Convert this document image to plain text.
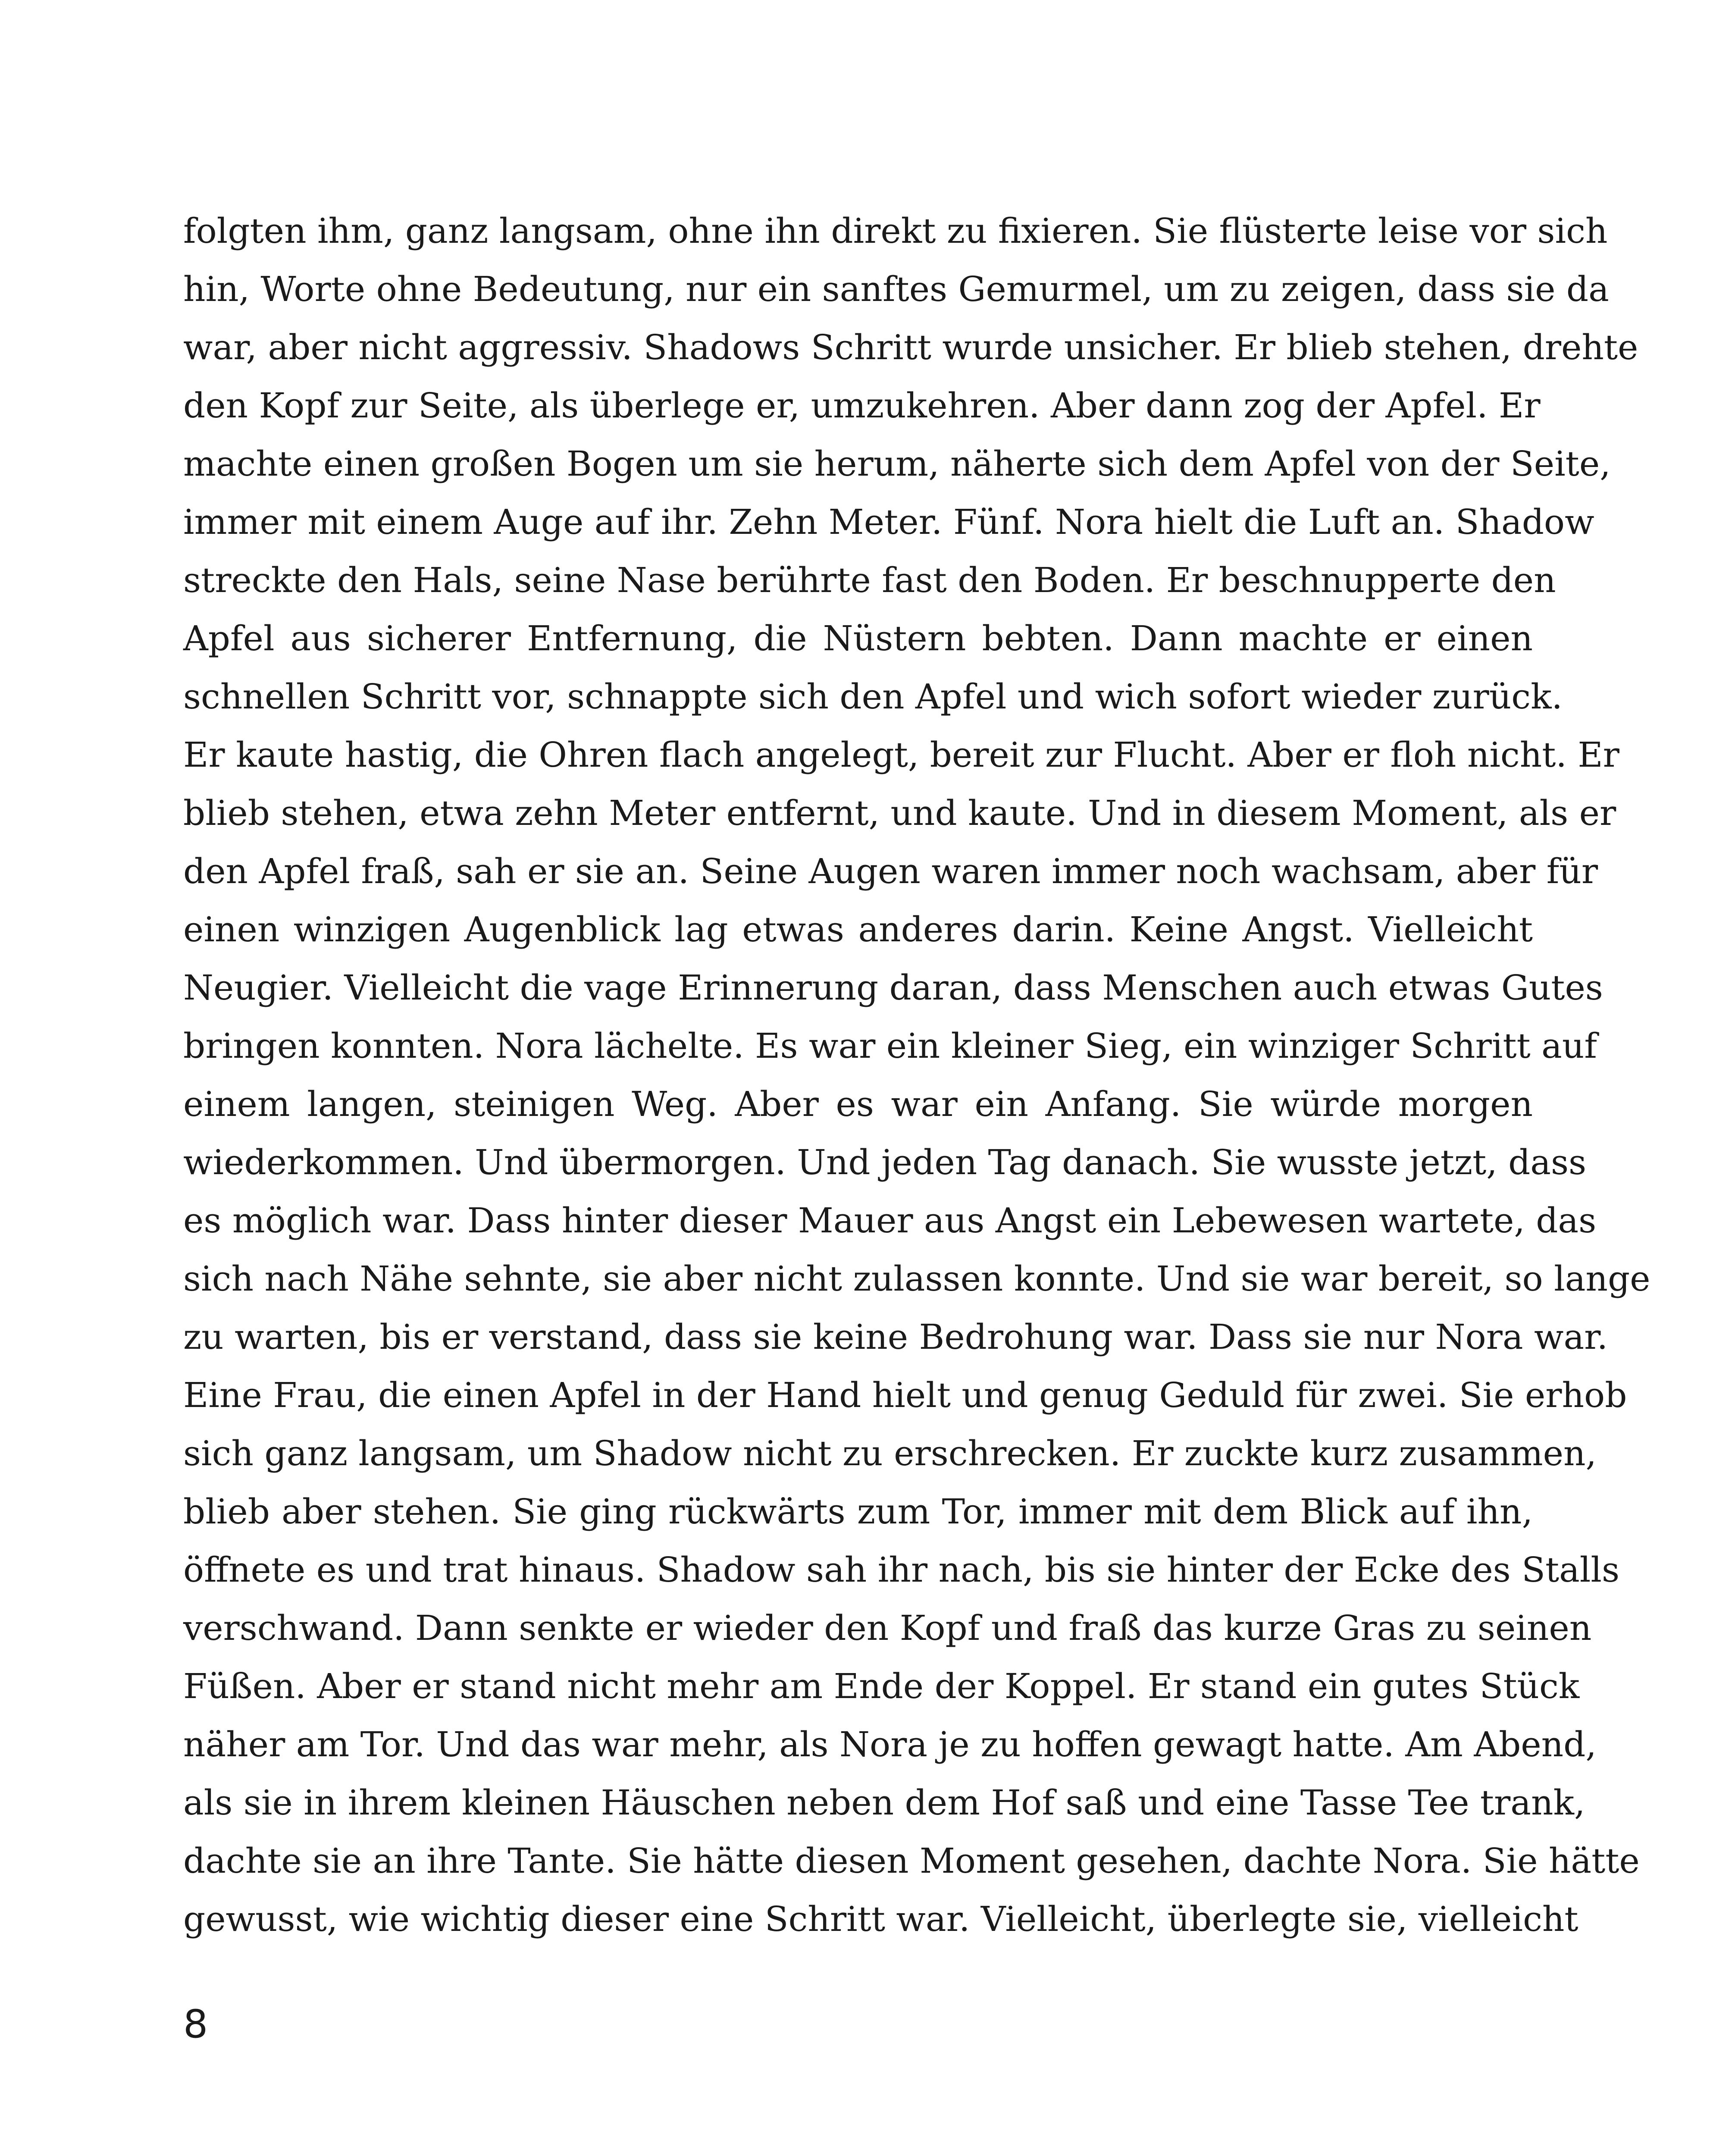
folgten ihm, ganz langsam, ohne ihn direkt zu fixieren. Sie flüsterte leise vor sich
hin, Worte ohne Bedeutung, nur ein sanftes Gemurmel, um zu zeigen, dass sie da
war, aber nicht aggressiv. Shadows Schritt wurde unsicher. Er blieb stehen, drehte
den Kopf zur Seite, als überlege er, umzukehren. Aber dann zog der Apfel. Er
machte einen großen Bogen um sie herum, näherte sich dem Apfel von der Seite,
immer mit einem Auge auf ihr. Zehn Meter. Fünf. Nora hielt die Luft an. Shadow
streckte den Hals, seine Nase berührte fast den Boden. Er beschnupperte den
Apfel aus sicherer Entfernung, die Nüstern bebten. Dann machte er einen
schnellen Schritt vor, schnappte sich den Apfel und wich sofort wieder zurück.
Er kaute hastig, die Ohren flach angelegt, bereit zur Flucht. Aber er floh nicht. Er
blieb stehen, etwa zehn Meter entfernt, und kaute. Und in diesem Moment, als er
den Apfel fraß, sah er sie an. Seine Augen waren immer noch wachsam, aber für
einen winzigen Augenblick lag etwas anderes darin. Keine Angst. Vielleicht
Neugier. Vielleicht die vage Erinnerung daran, dass Menschen auch etwas Gutes
bringen konnten. Nora lächelte. Es war ein kleiner Sieg, ein winziger Schritt auf
einem langen, steinigen Weg. Aber es war ein Anfang. Sie würde morgen
wiederkommen. Und übermorgen. Und jeden Tag danach. Sie wusste jetzt, dass
es möglich war. Dass hinter dieser Mauer aus Angst ein Lebewesen wartete, das
sich nach Nähe sehnte, sie aber nicht zulassen konnte. Und sie war bereit, so lange
zu warten, bis er verstand, dass sie keine Bedrohung war. Dass sie nur Nora war.
Eine Frau, die einen Apfel in der Hand hielt und genug Geduld für zwei. Sie erhob
sich ganz langsam, um Shadow nicht zu erschrecken. Er zuckte kurz zusammen,
blieb aber stehen. Sie ging rückwärts zum Tor, immer mit dem Blick auf ihn,
öffnete es und trat hinaus. Shadow sah ihr nach, bis sie hinter der Ecke des Stalls
verschwand. Dann senkte er wieder den Kopf und fraß das kurze Gras zu seinen
Füßen. Aber er stand nicht mehr am Ende der Koppel. Er stand ein gutes Stück
näher am Tor. Und das war mehr, als Nora je zu hoffen gewagt hatte. Am Abend,
als sie in ihrem kleinen Häuschen neben dem Hof saß und eine Tasse Tee trank,
dachte sie an ihre Tante. Sie hätte diesen Moment gesehen, dachte Nora. Sie hätte
gewusst, wie wichtig dieser eine Schritt war. Vielleicht, überlegte sie, vielleicht
8
